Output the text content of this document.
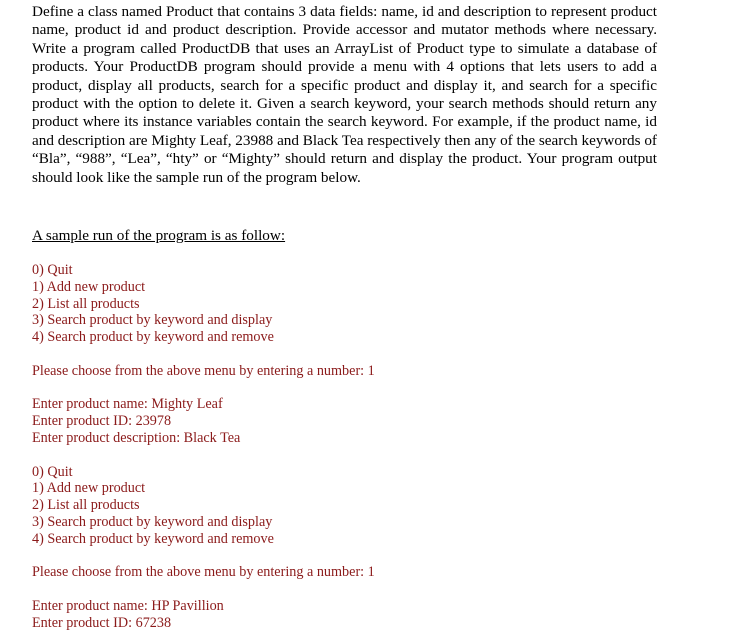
Define a class named Product that contains 3 data fields: name, id and description to represent product name, product id and product description. Provide accessor and mutator methods where necessary. Write a program called ProductDB that uses an ArrayList of Product type to simulate a database of products. Your ProductDB program should provide a menu with 4 options that lets users to add a product, display all products, search for a specific product and display it, and search for a specific product with the option to delete it. Given a search keyword, your search methods should return any product where its instance variables contain the search keyword. For example, if the product name, id and description are Mighty Leaf, 23988 and Black Tea respectively then any of the search keywords of “Bla”, “988”, “Lea”, “hty” or “Mighty” should return and display the product. Your program output should look like the sample run of the program below.

A sample run of the program is as follow:

0) Quit
1) Add new product
2) List all products
3) Search product by keyword and display
4) Search product by keyword and remove
Please choose from the above menu by entering a number: 1
Enter product name: Mighty Leaf
Enter product ID: 23978
Enter product description: Black Tea
0) Quit
1) Add new product
2) List all products
3) Search product by keyword and display
4) Search product by keyword and remove
Please choose from the above menu by entering a number: 1
Enter product name: HP Pavillion
Enter product ID: 67238
